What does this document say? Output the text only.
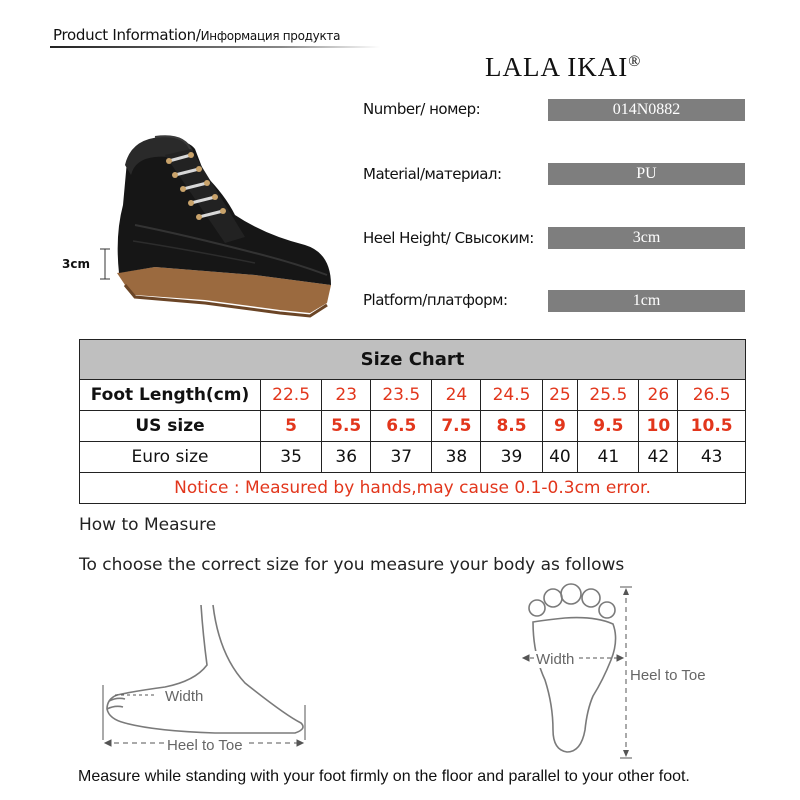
Product Information/Информация продукта
LALA IKAI®
Number/ номер:	014N0882
Material/материал:	PU
Heel Height/ Свысоким:	3cm
Platform/платформ:	1cm
3cm
Size Chart									
Foot Length(cm)	22.5	23	23.5	24	24.5	25	25.5	26	26.5
US size	5	5.5	6.5	7.5	8.5	9	9.5	10	10.5
Euro size	35	36	37	38	39	40	41	42	43
Notice : Measured by hands,may cause 0.1-0.3cm error.									
How to Measure
To choose the correct size for you measure your body as follows
Width
Heel to Toe
Width
Heel to Toe
Measure while standing with your foot firmly on the floor and parallel to your other foot.
